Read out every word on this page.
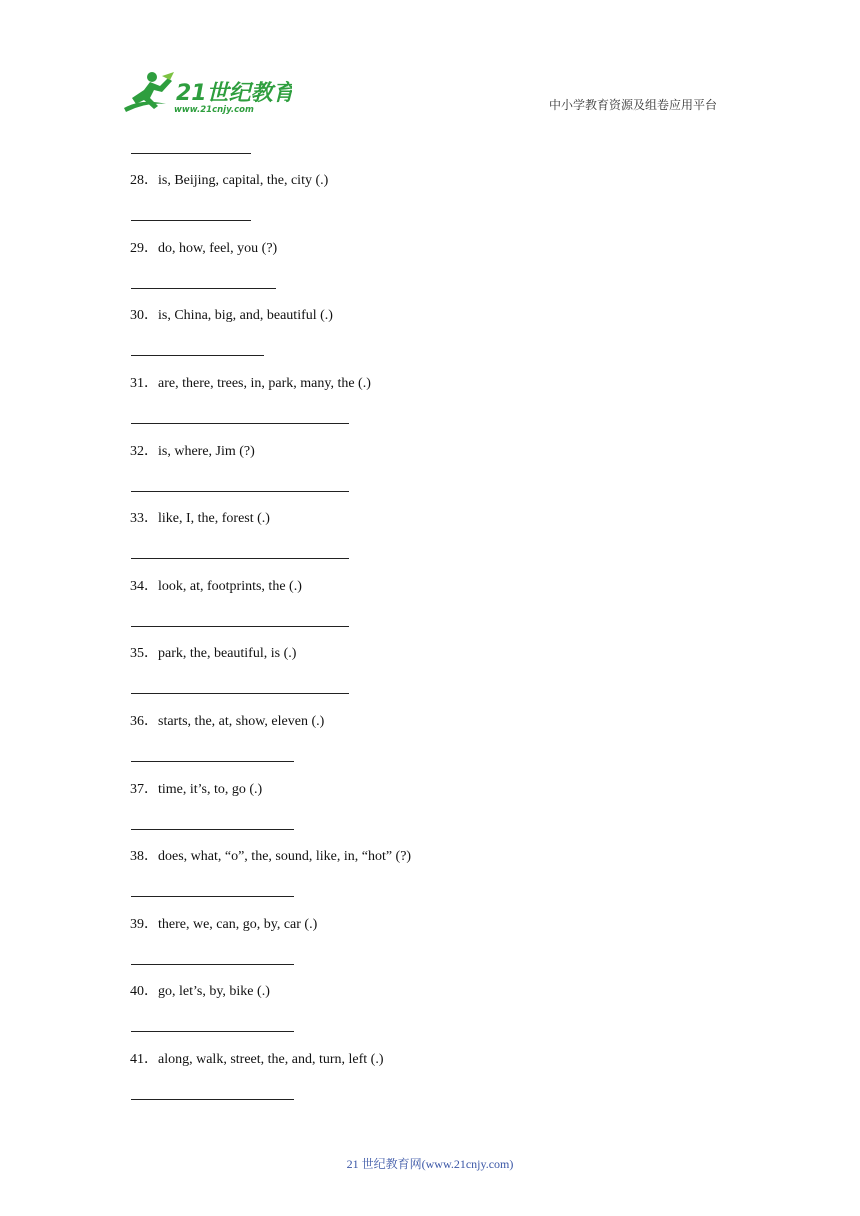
21世纪教育
www.21cnjy.com	中小学教育资源及组卷应用平台
28．is, Beijing, capital, the, city (.)
29．do, how, feel, you (?)
30．is, China, big, and, beautiful (.)
31．are, there, trees, in, park, many, the (.)
32．is, where, Jim (?)
33．like, I, the, forest (.)
34．look, at, footprints, the (.)
35．park, the, beautiful, is (.)
36．starts, the, at, show, eleven (.)
37．time, it’s, to, go (.)
38．does, what, “o”, the, sound, like, in, “hot” (?)
39．there, we, can, go, by, car (.)
40．go, let’s, by, bike (.)
41．along, walk, street, the, and, turn, left (.)
21 世纪教育网(www.21cnjy.com)
